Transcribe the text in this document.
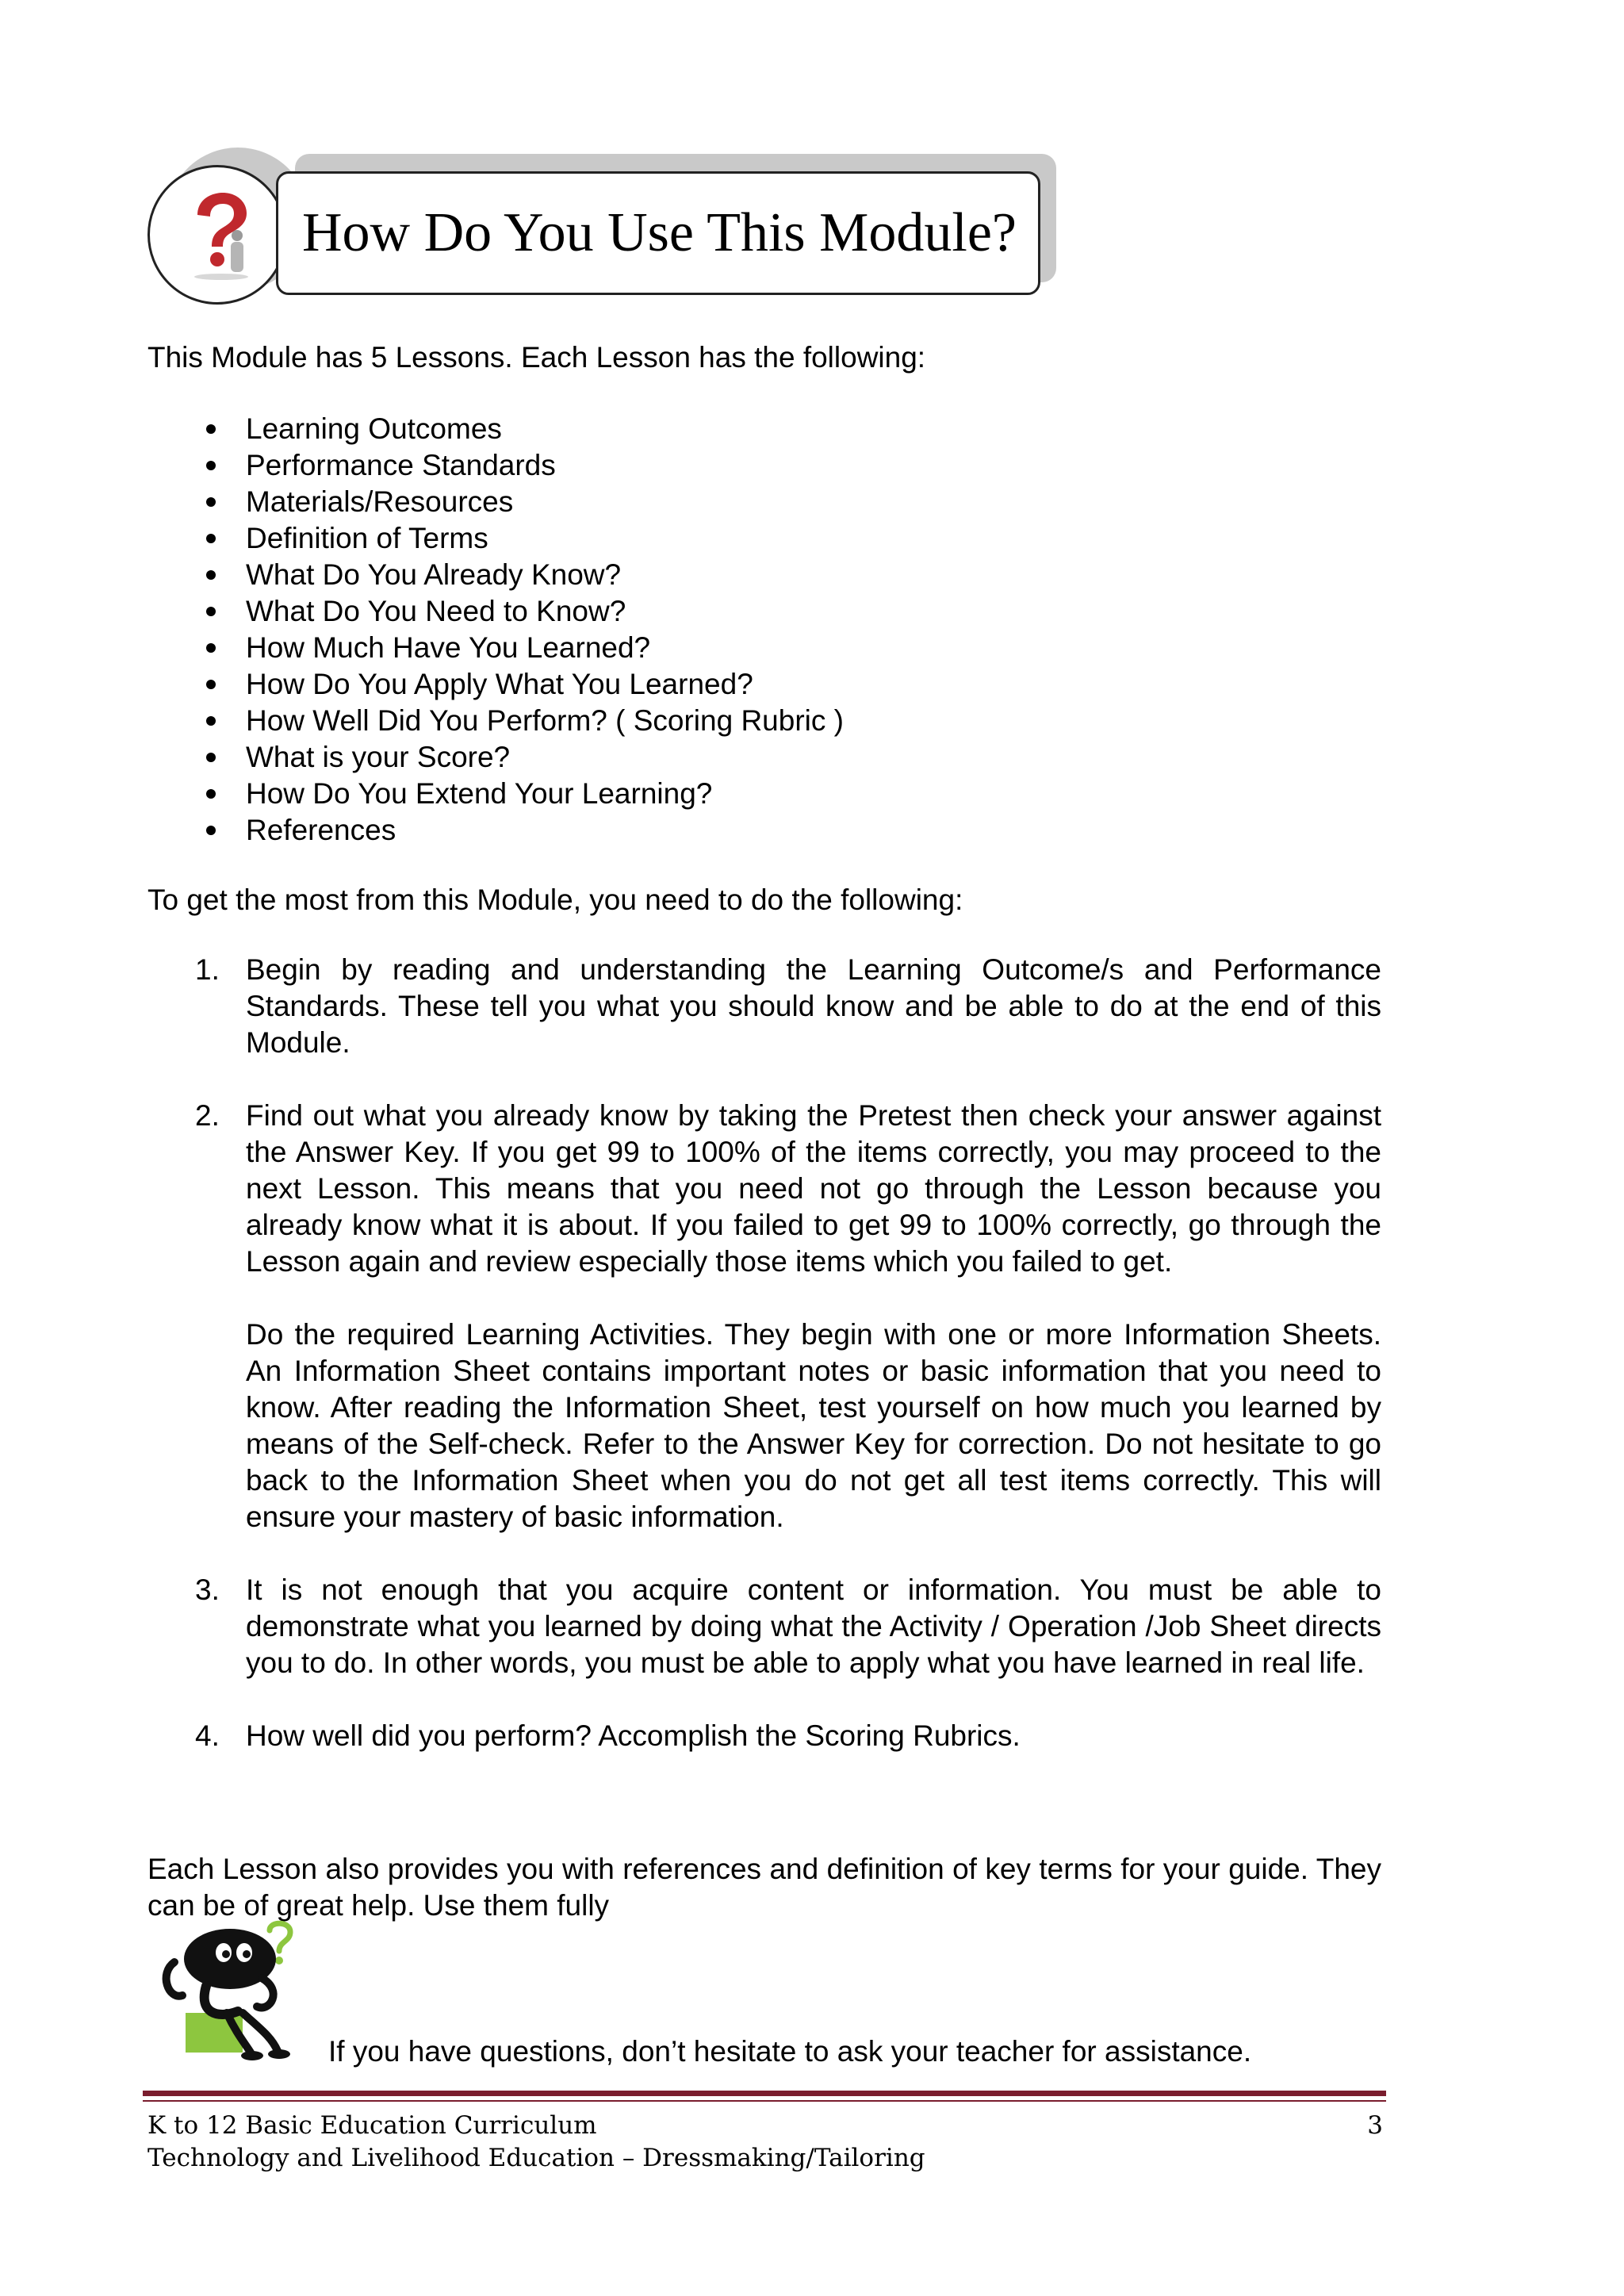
How Do You Use This Module?
This Module has 5 Lessons. Each Lesson has the following:
Learning Outcomes
Performance Standards
Materials/Resources
Definition of Terms
What Do You Already Know?
What Do You Need to Know?
How Much Have You Learned?
How Do You Apply What You Learned?
How Well Did You Perform? ( Scoring Rubric )
What is your Score?
How Do You Extend Your Learning?
References
To get the most from this Module, you need to do the following:
1. Begin by reading and understanding the Learning Outcome/s and Performance Standards. These tell you what you should know and be able to do at the end of this Module.

2. Find out what you already know by taking the Pretest then check your answer against the Answer Key. If you get 99 to 100% of the items correctly, you may proceed to the next Lesson. This means that you need not go through the Lesson because you already know what it is about. If you failed to get 99 to 100% correctly, go through the Lesson again and review especially those items which you failed to get.

Do the required Learning Activities. They begin with one or more Information Sheets. An Information Sheet contains important notes or basic information that you need to know. After reading the Information Sheet, test yourself on how much you learned by means of the Self-check. Refer to the Answer Key for correction. Do not hesitate to go back to the Information Sheet when you do not get all test items correctly. This will ensure your mastery of basic information.

3. It is not enough that you acquire content or information. You must be able to demonstrate what you learned by doing what the Activity / Operation /Job Sheet directs you to do. In other words, you must be able to apply what you have learned in real life.

4. How well did you perform? Accomplish the Scoring Rubrics.

Each Lesson also provides you with references and definition of key terms for your guide. They can be of great help. Use them fully
If you have questions, don’t hesitate to ask your teacher for assistance.
K to 12 Basic Education Curriculum	3
Technology and Livelihood Education – Dressmaking/Tailoring
